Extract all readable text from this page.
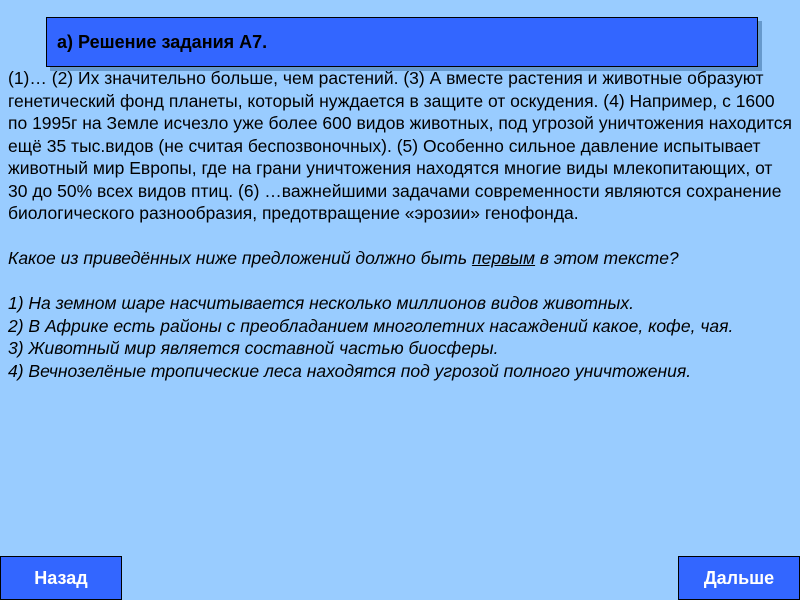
а) Решение задания А7.

(1)… (2) Их значительно больше, чем растений. (3) А вместе растения и животные образуют генетический фонд планеты, который нуждается в защите от оскудения. (4) Например, с 1600 по 1995г на Земле исчезло уже более 600 видов животных, под угрозой уничтожения находится ещё 35 тыс.видов (не считая беспозвоночных). (5) Особенно сильное давление испытывает животный мир Европы, где на грани уничтожения находятся многие виды млекопитающих, от 30 до 50% всех видов птиц. (6) …важнейшими задачами современности являются сохранение биологического разнообразия, предотвращение «эрозии» генофонда.

Какое из приведённых ниже предложений должно быть первым в этом тексте?

1) На земном шаре насчитывается несколько миллионов видов животных.

2) В Африке есть районы с преобладанием многолетних насаждений какое, кофе, чая.

3) Животный мир является составной частью биосферы.

4) Вечнозелёные тропические леса находятся под угрозой полного уничтожения.

Назад	Дальше
